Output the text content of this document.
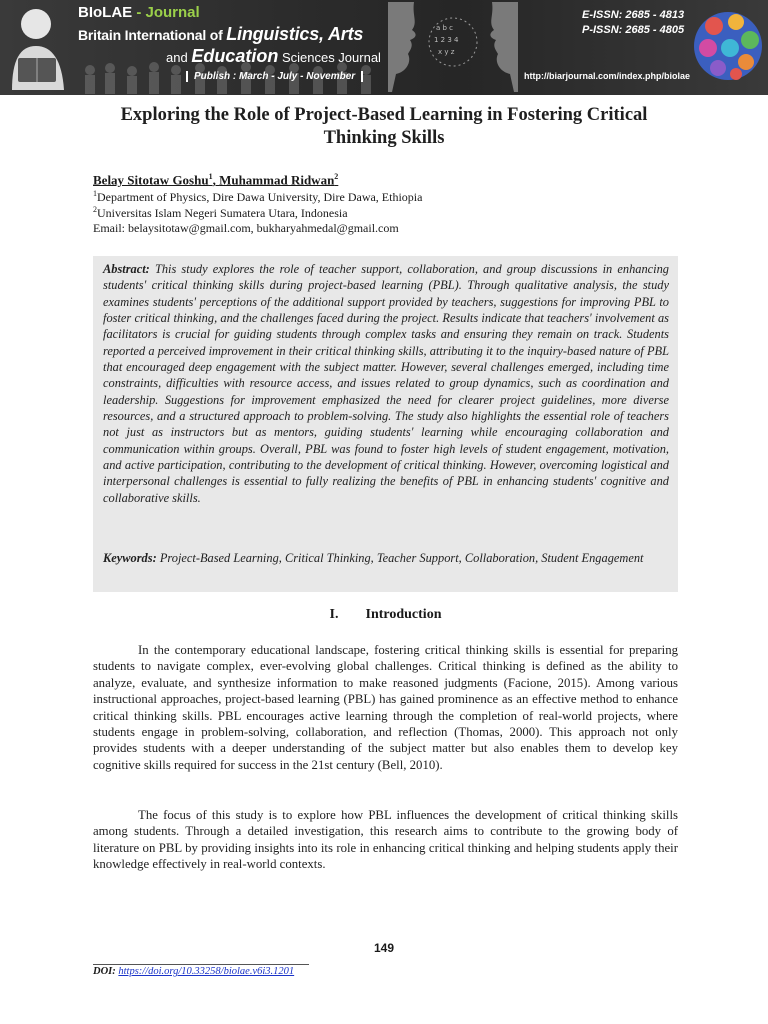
BIoLAE - Journal
Britain International of Linguistics, Arts
and Education Sciences Journal
Publish : March - July - November
a b c
1 2 3 4
x y z
E-ISSN: 2685 - 4813
P-ISSN: 2685 - 4805
http://biarjournal.com/index.php/biolae
Exploring the Role of Project-Based Learning in Fostering Critical Thinking Skills
Belay Sitotaw Goshu$^1$, Muhammad Ridwan$^2$
$^1$Department of Physics, Dire Dawa University, Dire Dawa, Ethiopia
$^2$Universitas Islam Negeri Sumatera Utara, Indonesia
Email: belaysitotaw@gmail.com, bukharyahmedal@gmail.com
Abstract: This study explores the role of teacher support, collaboration, and group discussions in enhancing students' critical thinking skills during project-based learning (PBL). Through qualitative analysis, the study examines students' perceptions of the additional support provided by teachers, suggestions for improving PBL to foster critical thinking, and the challenges faced during the project. Results indicate that teachers' involvement as facilitators is crucial for guiding students through complex tasks and ensuring they remain on track. Students reported a perceived improvement in their critical thinking skills, attributing it to the inquiry-based nature of PBL that encouraged deep engagement with the subject matter. However, several challenges emerged, including time constraints, difficulties with resource access, and issues related to group dynamics, such as coordination and leadership. Suggestions for improvement emphasized the need for clearer project guidelines, more diverse resources, and a structured approach to problem-solving. The study also highlights the essential role of teachers not just as instructors but as mentors, guiding students' learning while encouraging collaboration and communication within groups. Overall, PBL was found to foster high levels of student engagement, motivation, and active participation, contributing to the development of critical thinking. However, overcoming logistical and interpersonal challenges is essential to fully realizing the benefits of PBL in enhancing students' cognitive and collaborative skills.
Keywords: Project-Based Learning, Critical Thinking, Teacher Support, Collaboration, Student Engagement
I. Introduction
In the contemporary educational landscape, fostering critical thinking skills is essential for preparing students to navigate complex, ever-evolving global challenges. Critical thinking is defined as the ability to analyze, evaluate, and synthesize information to make reasoned judgments (Facione, 2015). Among various instructional approaches, project-based learning (PBL) has gained prominence as an effective method to enhance critical thinking skills. PBL encourages active learning through the completion of real-world projects, where students engage in problem-solving, collaboration, and reflection (Thomas, 2000). This approach not only provides students with a deeper understanding of the subject matter but also enables them to develop key cognitive skills required for success in the 21st century (Bell, 2010).
The focus of this study is to explore how PBL influences the development of critical thinking skills among students. Through a detailed investigation, this research aims to contribute to the growing body of literature on PBL by providing insights into its role in enhancing critical thinking and helping students apply their knowledge effectively in real-world contexts.
149
DOI: https://doi.org/10.33258/biolae.v6i3.1201
